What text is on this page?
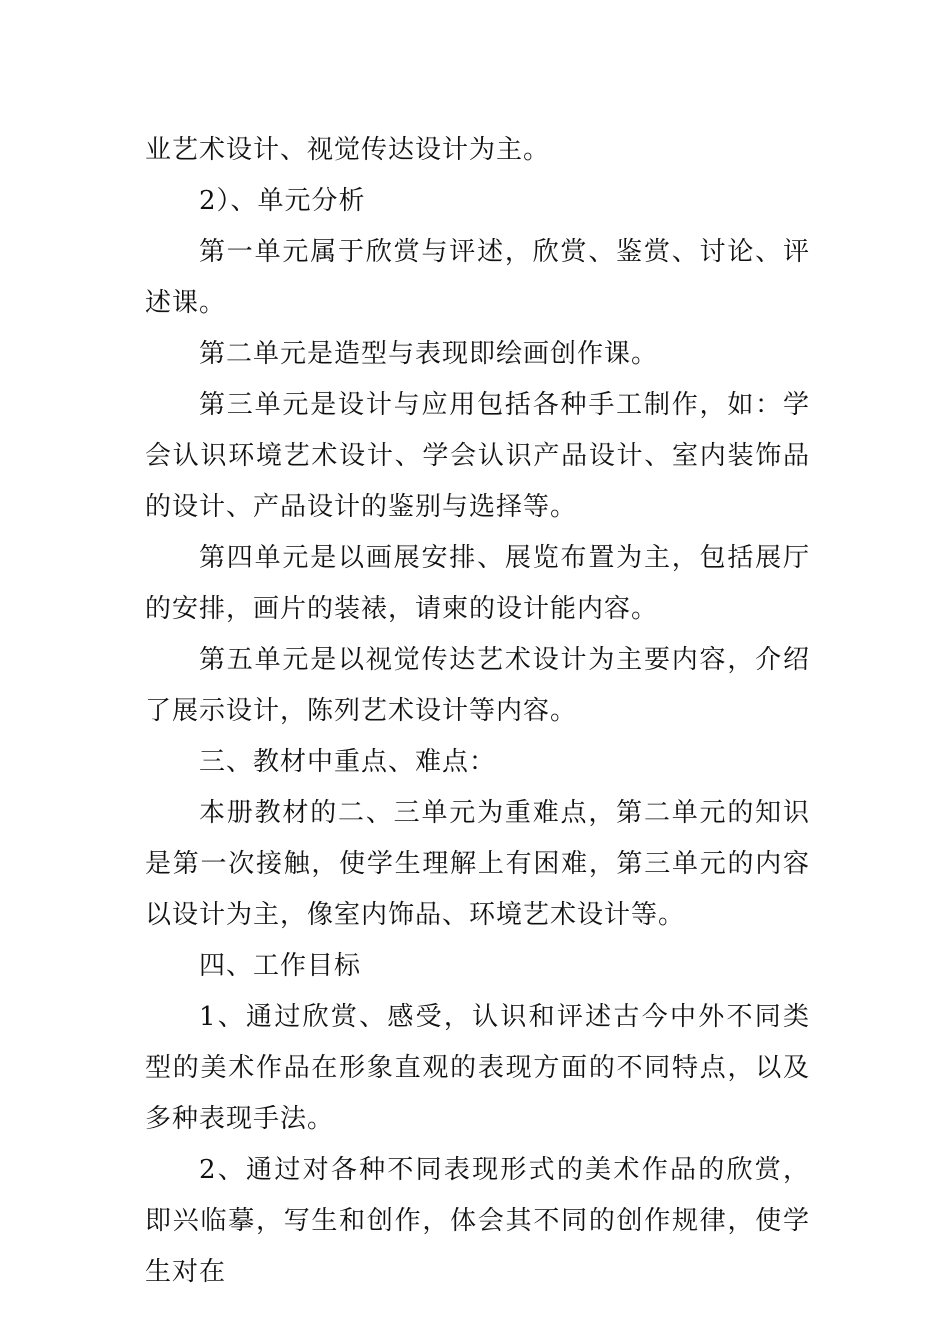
业艺术设计、视觉传达设计为主。

2）、单元分析

第一单元属于欣赏与评述，欣赏、鉴赏、讨论、评述课。

第二单元是造型与表现即绘画创作课。

第三单元是设计与应用包括各种手工制作，如：学会认识环境艺术设计、学会认识产品设计、室内装饰品的设计、产品设计的鉴别与选择等。

第四单元是以画展安排、展览布置为主，包括展厅的安排，画片的装裱，请柬的设计能内容。

第五单元是以视觉传达艺术设计为主要内容，介绍了展示设计，陈列艺术设计等内容。

三、教材中重点、难点：

本册教材的二、三单元为重难点，第二单元的知识是第一次接触，使学生理解上有困难，第三单元的内容以设计为主，像室内饰品、环境艺术设计等。

四、工作目标

1、通过欣赏、感受，认识和评述古今中外不同类型的美术作品在形象直观的表现方面的不同特点，以及多种表现手法。

2、通过对各种不同表现形式的美术作品的欣赏，即兴临摹，写生和创作，体会其不同的创作规律，使学生对在
